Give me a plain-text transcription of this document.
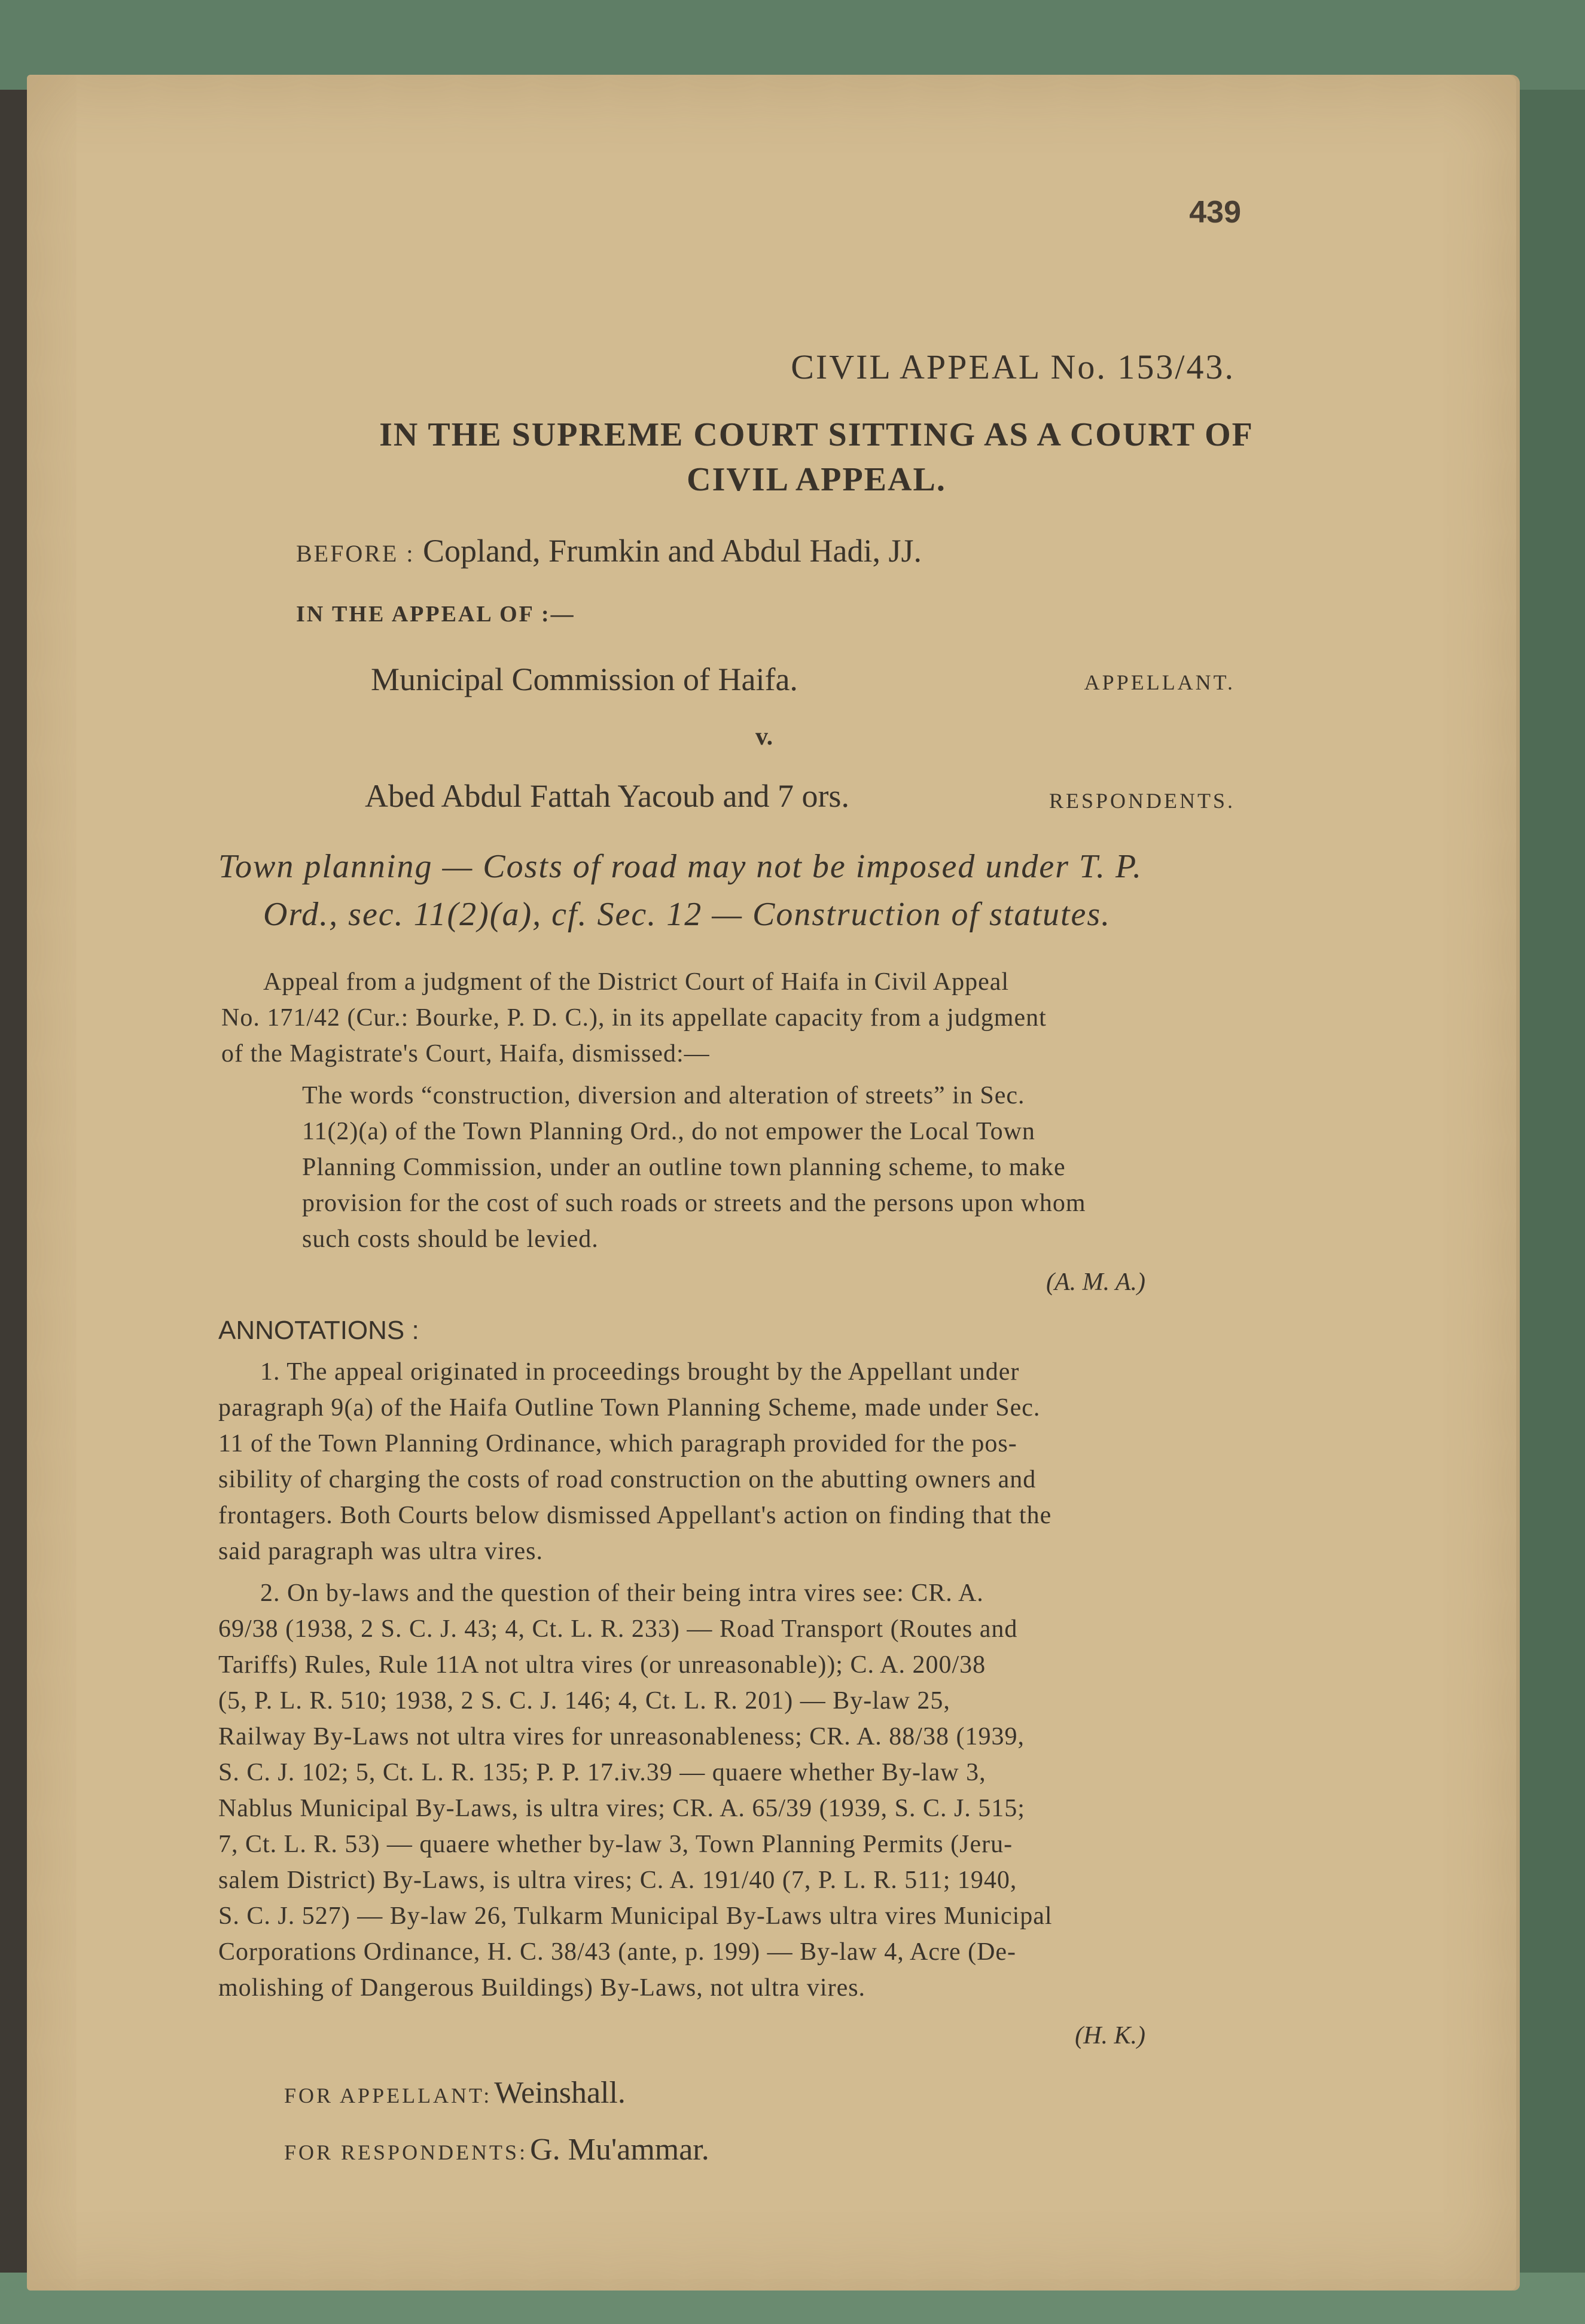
439

CIVIL APPEAL No. 153/43.

IN THE SUPREME COURT SITTING AS A COURT OF

CIVIL APPEAL.

BEFORE : Copland, Frumkin and Abdul Hadi, JJ.

IN THE APPEAL OF :—

Municipal Commission of Haifa.	APPELLANT.

v.

Abed Abdul Fattah Yacoub and 7 ors.	RESPONDENTS.

Town planning — Costs of road may not be imposed under T. P.

Ord., sec. 11(2)(a), cf. Sec. 12 — Construction of statutes.

Appeal from a judgment of the District Court of Haifa in Civil Appeal

No. 171/42 (Cur.: Bourke, P. D. C.), in its appellate capacity from a judgment

of the Magistrate's Court, Haifa, dismissed:—

The words “construction, diversion and alteration of streets” in Sec.

11(2)(a) of the Town Planning Ord., do not empower the Local Town

Planning Commission, under an outline town planning scheme, to make

provision for the cost of such roads or streets and the persons upon whom

such costs should be levied.

(A. M. A.)

ANNOTATIONS :

1. The appeal originated in proceedings brought by the Appellant under

paragraph 9(a) of the Haifa Outline Town Planning Scheme, made under Sec.

11 of the Town Planning Ordinance, which paragraph provided for the pos-

sibility of charging the costs of road construction on the abutting owners and

frontagers. Both Courts below dismissed Appellant's action on finding that the

said paragraph was ultra vires.

2. On by-laws and the question of their being intra vires see: CR. A.

69/38 (1938, 2 S. C. J. 43; 4, Ct. L. R. 233) — Road Transport (Routes and

Tariffs) Rules, Rule 11A not ultra vires (or unreasonable)); C. A. 200/38

(5, P. L. R. 510; 1938, 2 S. C. J. 146; 4, Ct. L. R. 201) — By-law 25,

Railway By-Laws not ultra vires for unreasonableness; CR. A. 88/38 (1939,

S. C. J. 102; 5, Ct. L. R. 135; P. P. 17.iv.39 — quaere whether By-law 3,

Nablus Municipal By-Laws, is ultra vires; CR. A. 65/39 (1939, S. C. J. 515;

7, Ct. L. R. 53) — quaere whether by-law 3, Town Planning Permits (Jeru-

salem District) By-Laws, is ultra vires; C. A. 191/40 (7, P. L. R. 511; 1940,

S. C. J. 527) — By-law 26, Tulkarm Municipal By-Laws ultra vires Municipal

Corporations Ordinance, H. C. 38/43 (ante, p. 199) — By-law 4, Acre (De-

molishing of Dangerous Buildings) By-Laws, not ultra vires.

(H. K.)

FOR APPELLANT: Weinshall.

FOR RESPONDENTS: G. Mu'ammar.
